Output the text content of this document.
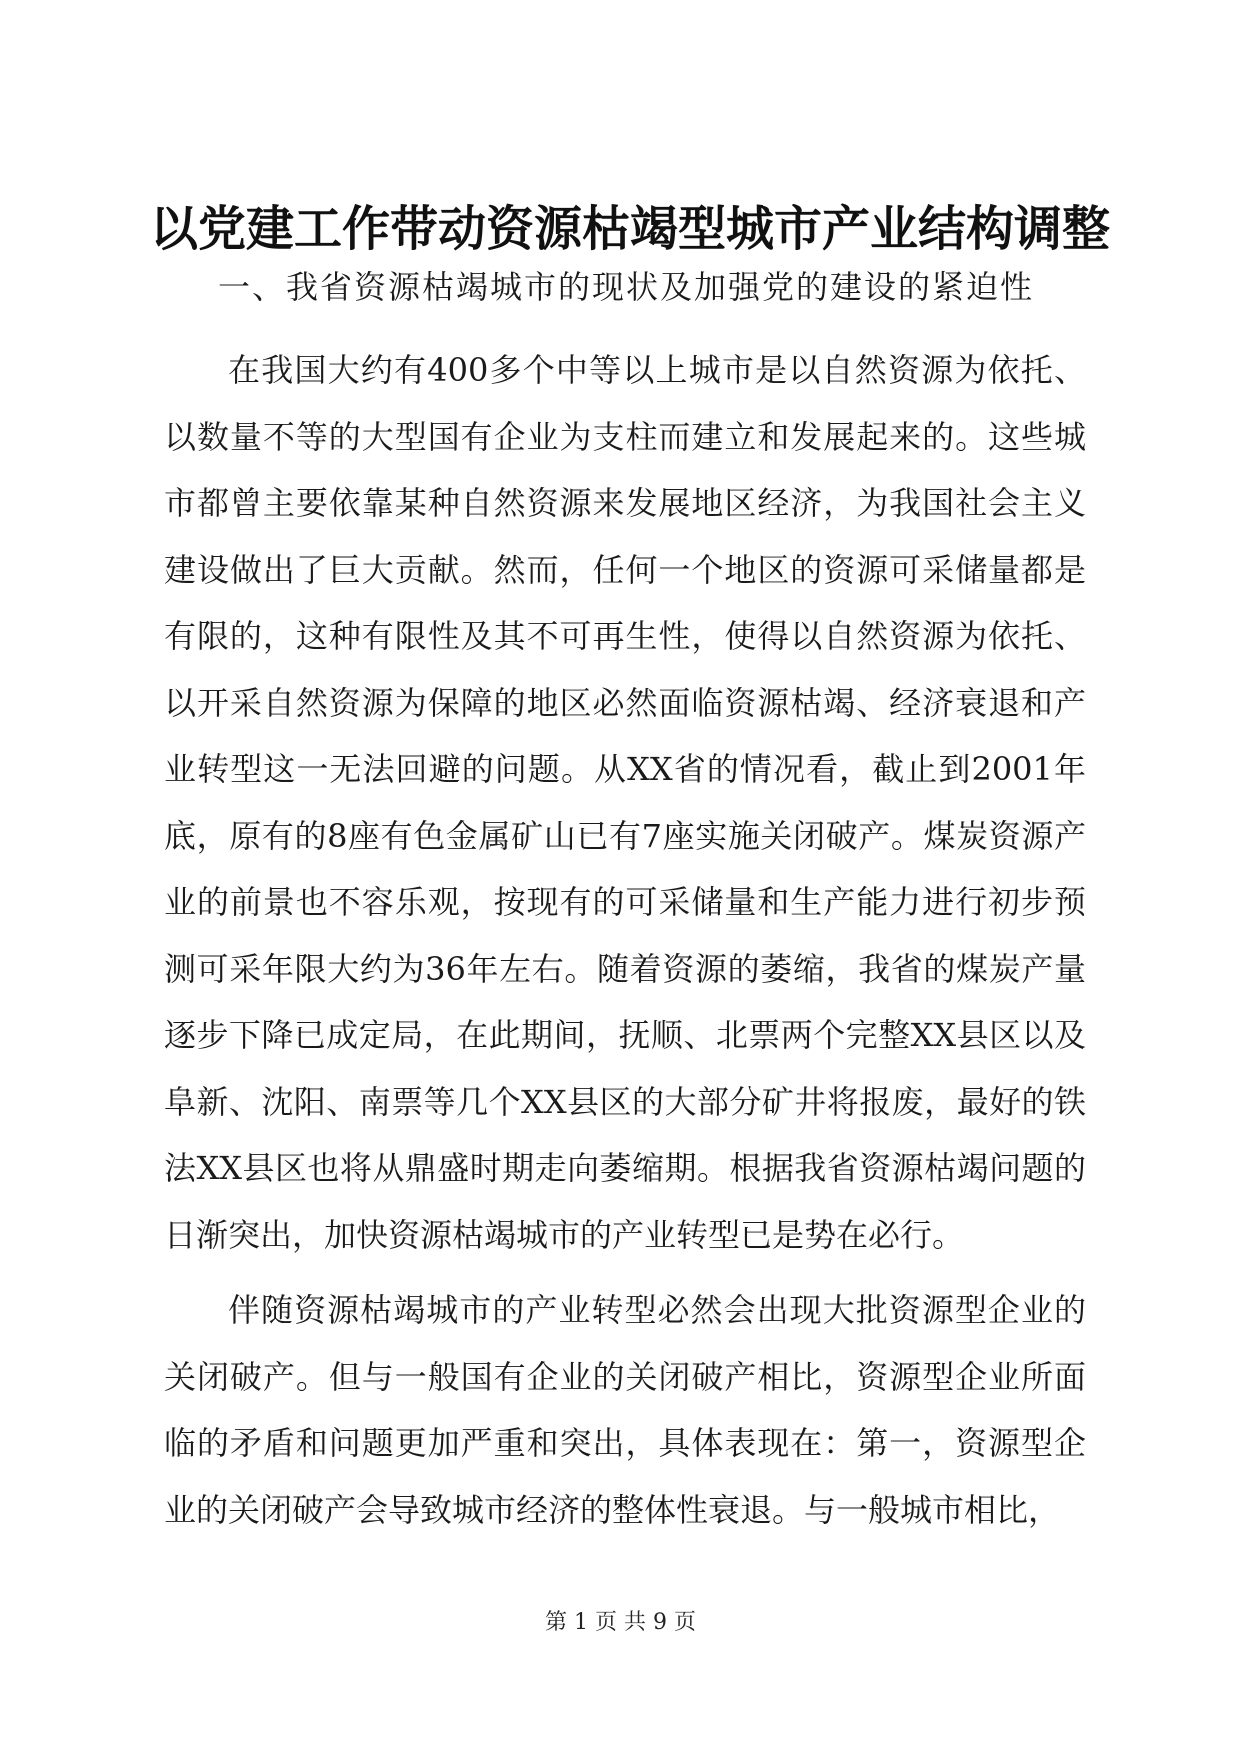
以党建工作带动资源枯竭型城市产业结构调整

一、我省资源枯竭城市的现状及加强党的建设的紧迫性

在我国大约有400多个中等以上城市是以自然资源为依托、以数量不等的大型国有企业为支柱而建立和发展起来的。这些城市都曾主要依靠某种自然资源来发展地区经济，为我国社会主义建设做出了巨大贡献。然而，任何一个地区的资源可采储量都是有限的，这种有限性及其不可再生性，使得以自然资源为依托、以开采自然资源为保障的地区必然面临资源枯竭、经济衰退和产业转型这一无法回避的问题。从XX省的情况看，截止到2001年底，原有的8座有色金属矿山已有7座实施关闭破产。煤炭资源产业的前景也不容乐观，按现有的可采储量和生产能力进行初步预测可采年限大约为36年左右。随着资源的萎缩，我省的煤炭产量逐步下降已成定局，在此期间，抚顺、北票两个完整XX县区以及阜新、沈阳、南票等几个XX县区的大部分矿井将报废，最好的铁法XX县区也将从鼎盛时期走向萎缩期。根据我省资源枯竭问题的日渐突出，加快资源枯竭城市的产业转型已是势在必行。

伴随资源枯竭城市的产业转型必然会出现大批资源型企业的关闭破产。但与一般国有企业的关闭破产相比，资源型企业所面临的矛盾和问题更加严重和突出，具体表现在：第一，资源型企业的关闭破产会导致城市经济的整体性衰退。与一般城市相比，

第 1 页 共 9 页
